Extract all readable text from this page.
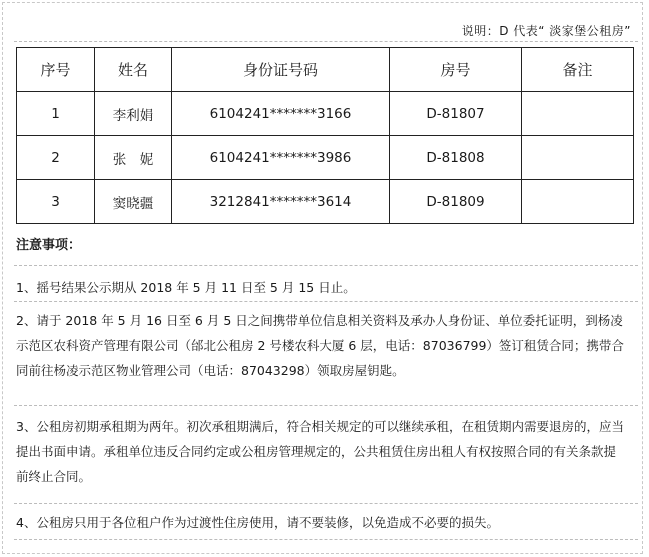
说明：D 代表“ 淡家堡公租房”
序号	姓名	身份证号码	房号	备注
1	李利娟	6104241*******3166	D-81807	
2	张　妮	6104241*******3986	D-81808	
3	窦晓疆	3212841*******3614	D-81809	
注意事项：
1、摇号结果公示期从 2018 年 5 月 11 日至 5 月 15 日止。
2、请于 2018 年 5 月 16 日至 6 月 5 日之间携带单位信息相关资料及承办人身份证、单位委托证明，到杨凌示范区农科资产管理有限公司（邰北公租房 2 号楼农科大厦 6 层，电话：87036799）签订租赁合同；携带合同前往杨凌示范区物业管理公司（电话：87043298）领取房屋钥匙。
3、公租房初期承租期为两年。初次承租期满后，符合相关规定的可以继续承租，在租赁期内需要退房的，应当提出书面申请。承租单位违反合同约定或公租房管理规定的，公共租赁住房出租人有权按照合同的有关条款提前终止合同。
4、公租房只用于各位租户作为过渡性住房使用，请不要装修，以免造成不必要的损失。
